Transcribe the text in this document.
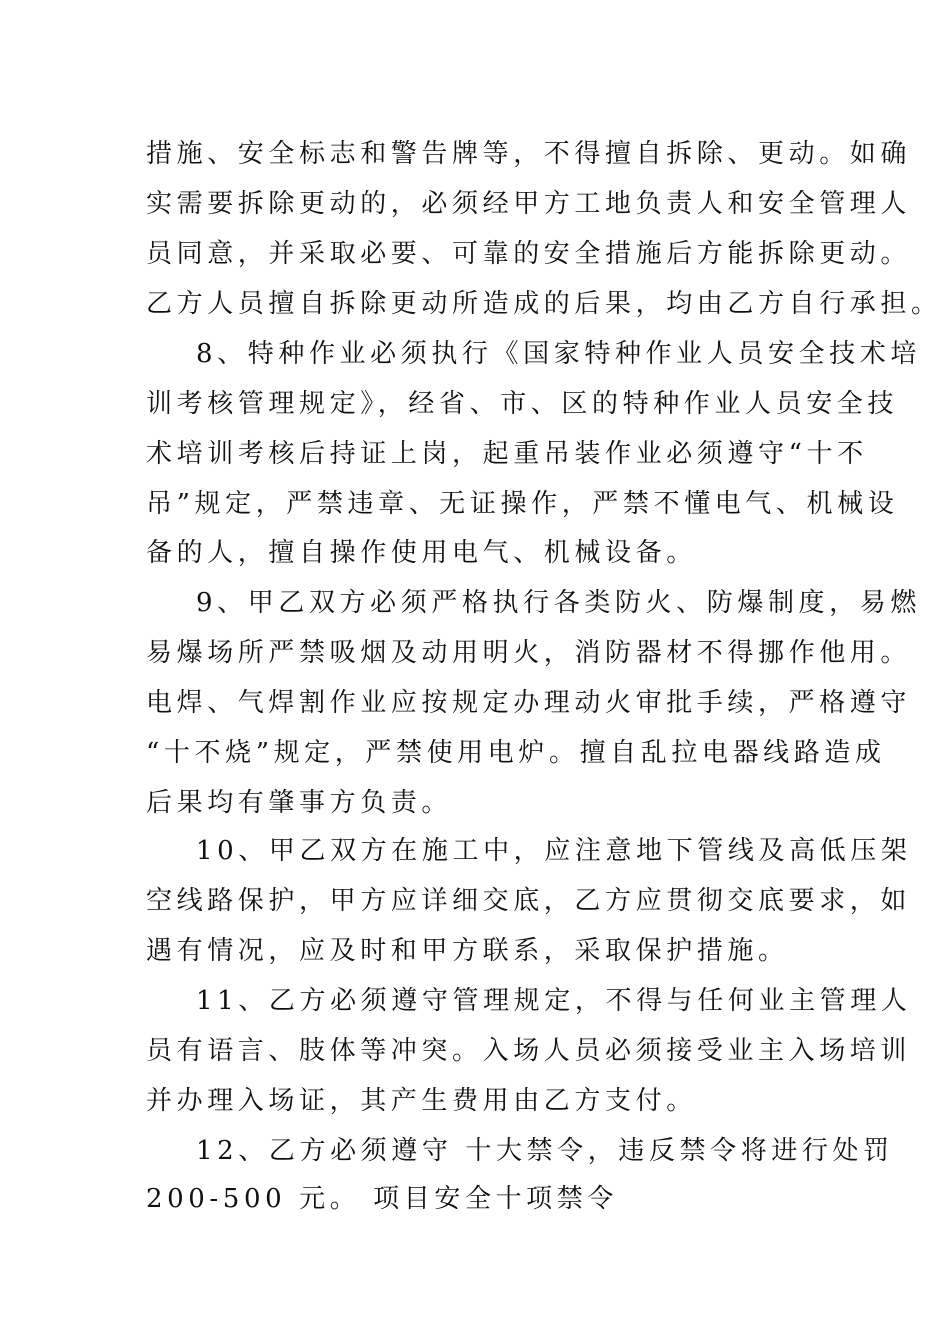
措施、安全标志和警告牌等，不得擅自拆除、更动。如确
实需要拆除更动的，必须经甲方工地负责人和安全管理人
员同意，并采取必要、可靠的安全措施后方能拆除更动。
乙方人员擅自拆除更动所造成的后果，均由乙方自行承担。
8、特种作业必须执行《国家特种作业人员安全技术培
训考核管理规定》，经省、市、区的特种作业人员安全技
术培训考核后持证上岗，起重吊装作业必须遵守“十不
吊”规定，严禁违章、无证操作，严禁不懂电气、机械设
备的人，擅自操作使用电气、机械设备。
9、甲乙双方必须严格执行各类防火、防爆制度，易燃
易爆场所严禁吸烟及动用明火，消防器材不得挪作他用。
电焊、气焊割作业应按规定办理动火审批手续，严格遵守
“十不烧”规定，严禁使用电炉。擅自乱拉电器线路造成
后果均有肇事方负责。
10、甲乙双方在施工中，应注意地下管线及高低压架
空线路保护，甲方应详细交底，乙方应贯彻交底要求，如
遇有情况，应及时和甲方联系，采取保护措施。
11、乙方必须遵守管理规定，不得与任何业主管理人
员有语言、肢体等冲突。入场人员必须接受业主入场培训
并办理入场证，其产生费用由乙方支付。
12、乙方必须遵守 十大禁令，违反禁令将进行处罚
200-500 元。 项目安全十项禁令
